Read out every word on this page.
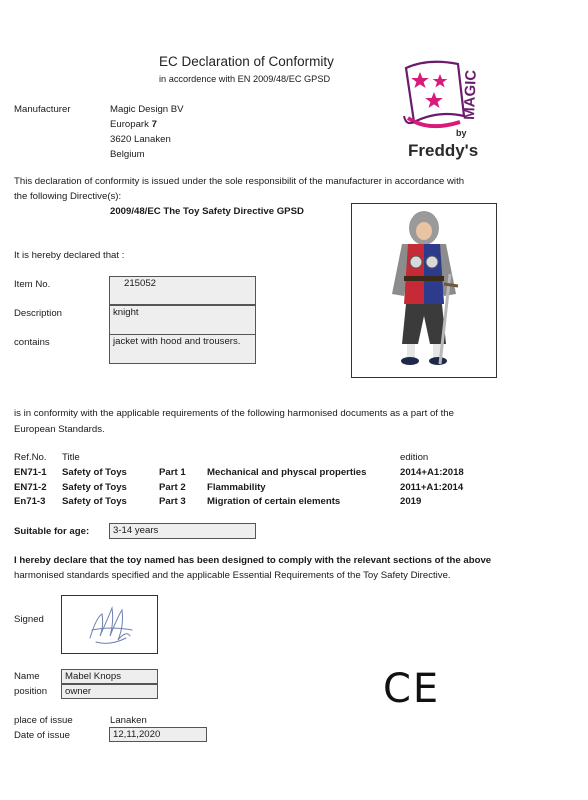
EC Declaration of Conformity
in accordence with EN 2009/48/EC GPSD	MAGIC
by
Freddy's
Manufacturer	Magic Design BV
Europark 7
3620 Lanaken
Belgium
This declaration of conformity is issued under the sole responsibilit of the manufacturer in accordance with
the following Directive(s):
2009/48/EC The Toy Safety Directive GPSD
It is hereby declared that :
Item No.	215052
Description	knight
contains	jacket with hood and trousers.
is in conformity with the applicable requirements of the following harmonised documents as a part of the
European Standards.
Ref.No. Title	edition
EN71-1 Safety of Toys	Part 1 Mechanical and physcal properties	2014+A1:2018
EN71-2 Safety of Toys	Part 2 Flammability	2011+A1:2014
En71-3 Safety of Toys	Part 3 Migration of certain elements	2019
Suitable for age:	3-14 years
I hereby declare that the toy named has been designed to comply with the relevant sections of the above
harmonised standards specified and the applicable Essential Requirements of the Toy Safety Directive.
Signed
Name	Mabel Knops
position	owner
place of issue	Lanaken
Date of issue	12,11,2020
CE
